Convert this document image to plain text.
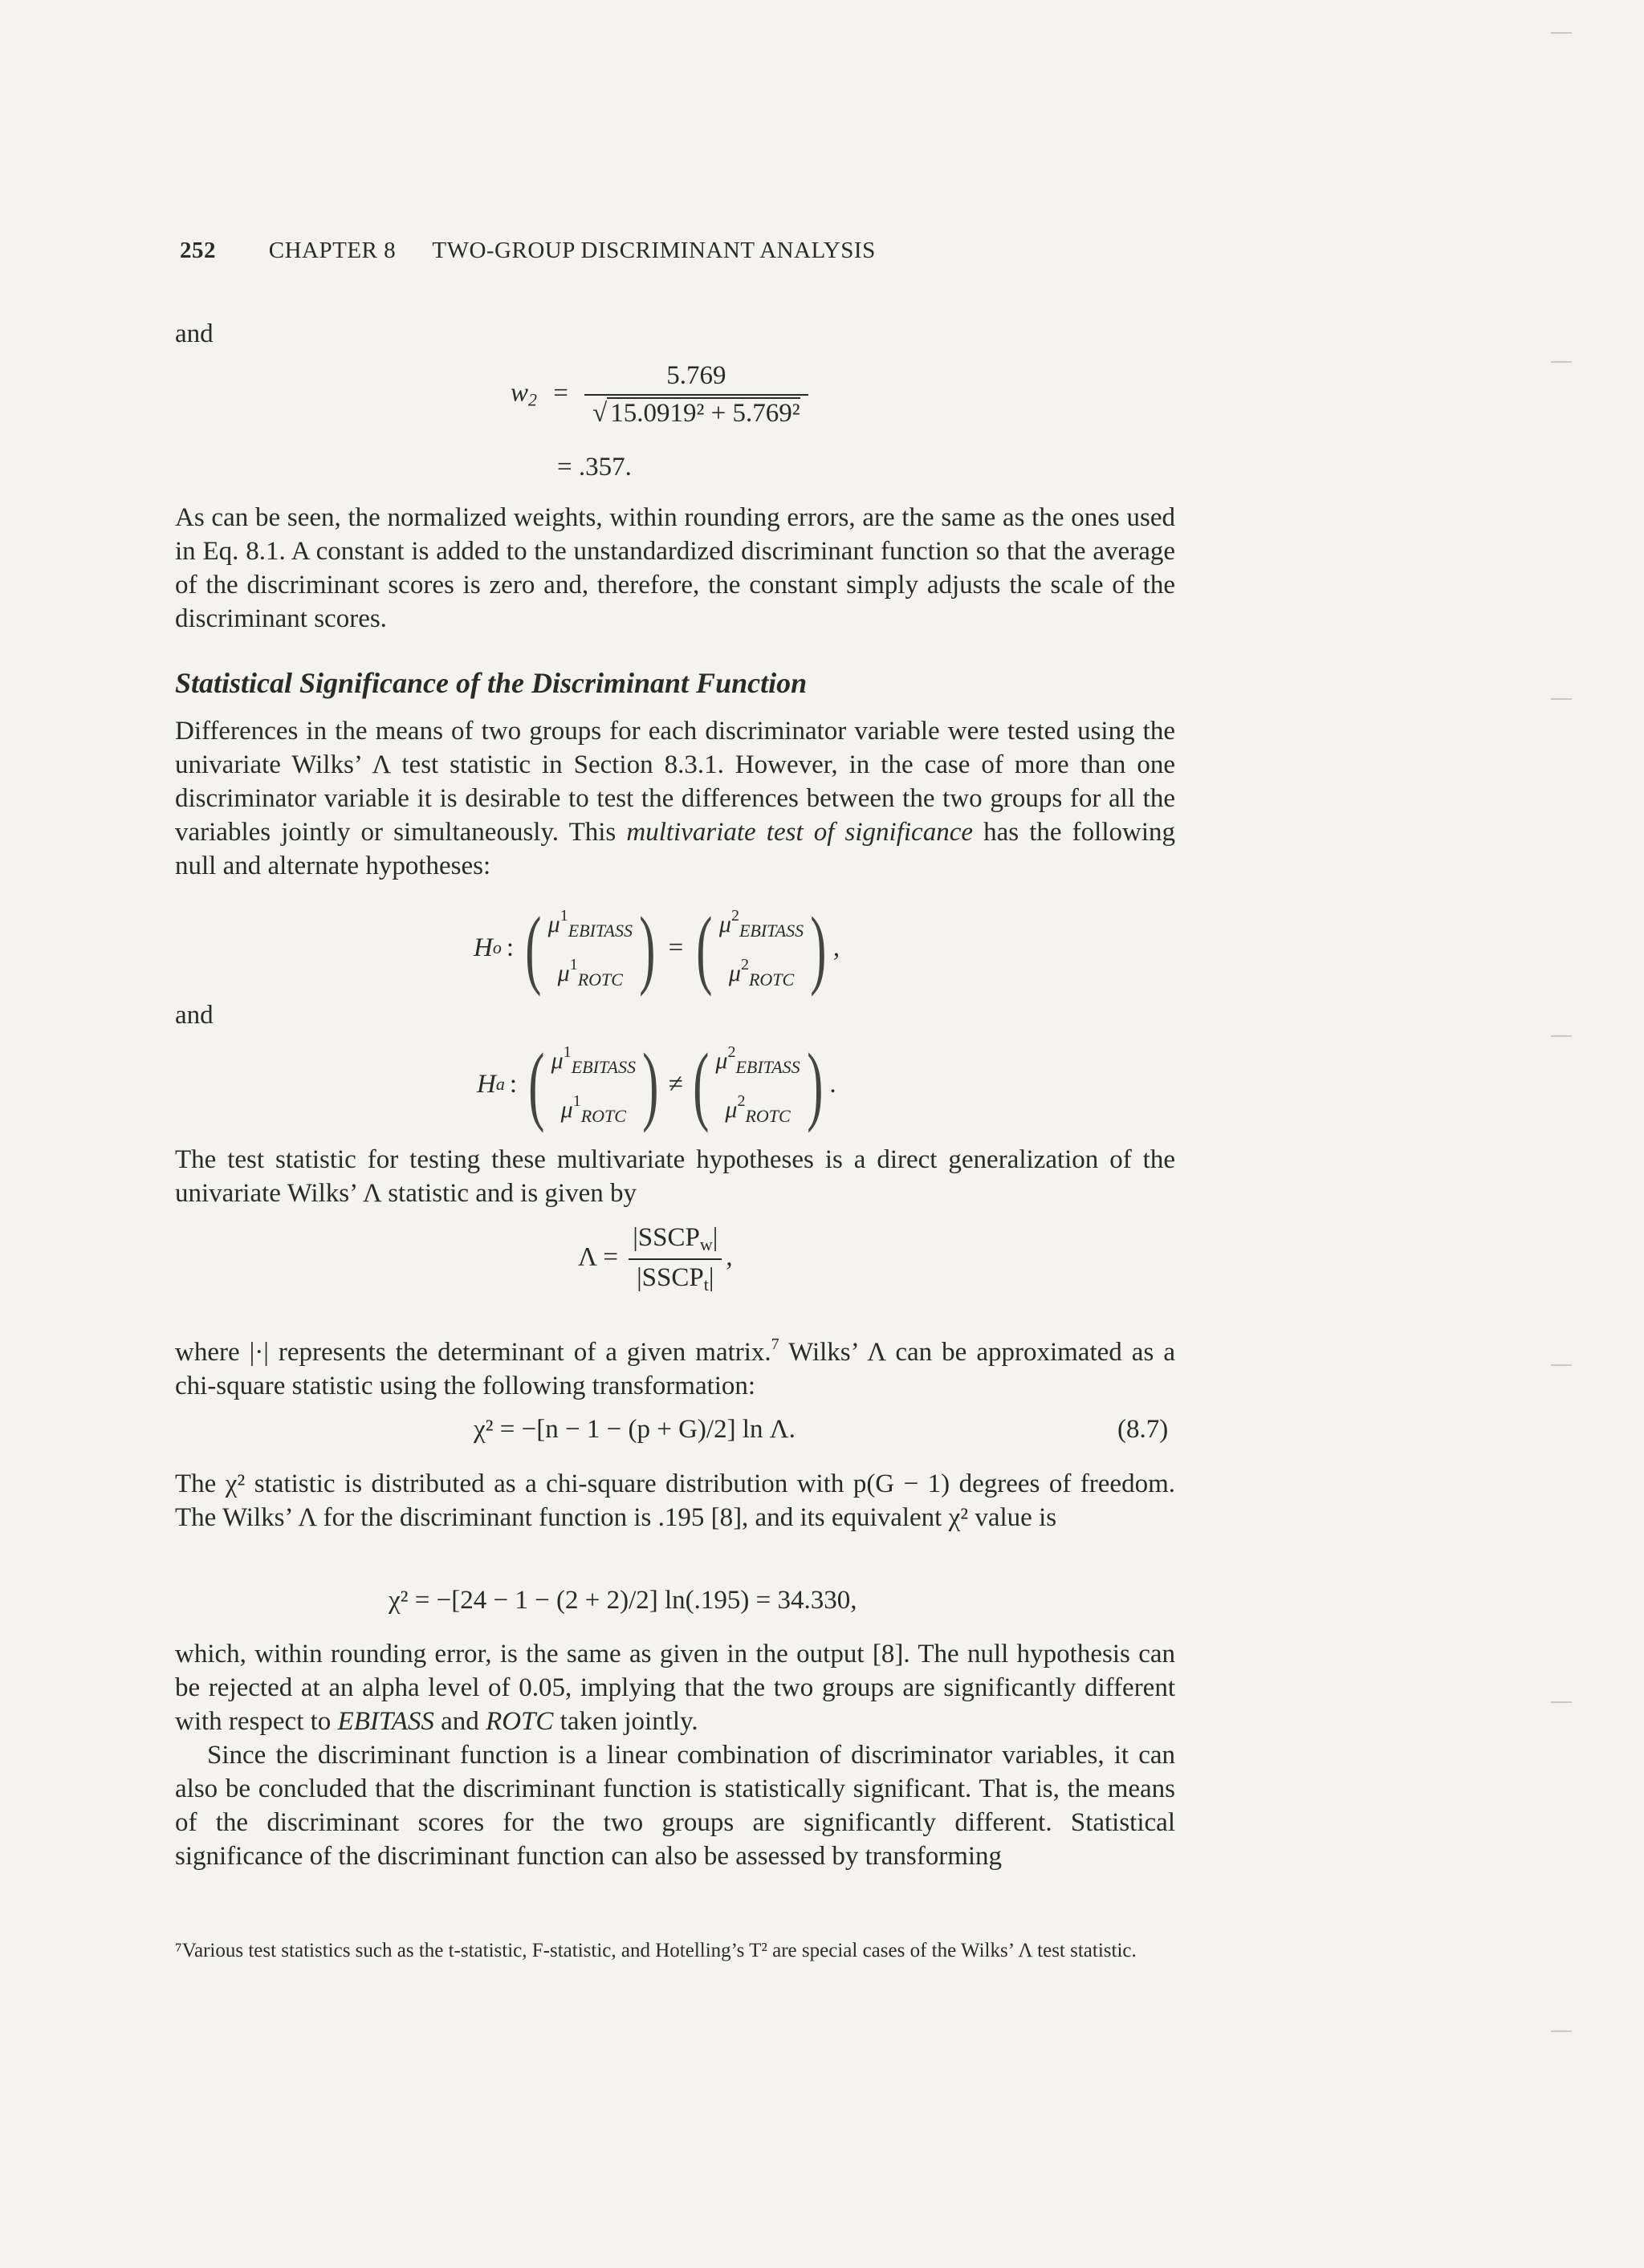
252 CHAPTER 8 TWO-GROUP DISCRIMINANT ANALYSIS
and
$w_2 = \frac{5.769}{\text{√ 15.0919² + 5.769²}}$
= .357.

As can be seen, the normalized weights, within rounding errors, are the same as the ones used in Eq. 8.1. A constant is added to the unstandardized discriminant function so that the average of the discriminant scores is zero and, therefore, the constant simply adjusts the scale of the discriminant scores.

Statistical Significance of the Discriminant Function

Differences in the means of two groups for each discriminator variable were tested using the univariate Wilks’ Λ test statistic in Section 8.3.1. However, in the case of more than one discriminator variable it is desirable to test the differences between the two groups for all the variables jointly or simultaneously. This multivariate test of significance has the following null and alternate hypotheses:

H o : ( $\mu^1_{EBITASS}$
$\mu^1_{ROTC}$ ) = ( $\mu^2_{EBITASS}$
$\mu^2_{ROTC}$ ) ,
and
H a : ( $\mu^1_{EBITASS}$
$\mu^1_{ROTC}$ ) ≠ ( $\mu^2_{EBITASS}$
$\mu^2_{ROTC}$ ) .

The test statistic for testing these multivariate hypotheses is a direct generalization of the univariate Wilks’ Λ statistic and is given by

$\Lambda = \frac{|SSCP_w|}{|SSCP_t|}$ ,

where |·| represents the determinant of a given matrix.$^7$ Wilks’ Λ can be approximated as a chi-square statistic using the following transformation:

χ² = −[n − 1 − (p + G)/2] ln Λ.	(8.7)

The χ² statistic is distributed as a chi-square distribution with p(G − 1) degrees of freedom. The Wilks’ Λ for the discriminant function is .195 [8], and its equivalent χ² value is

χ² = −[24 − 1 − (2 + 2)/2] ln(.195) = 34.330,

which, within rounding error, is the same as given in the output [8]. The null hypothesis can be rejected at an alpha level of 0.05, implying that the two groups are significantly different with respect to EBITASS and ROTC taken jointly.

Since the discriminant function is a linear combination of discriminator variables, it can also be concluded that the discriminant function is statistically significant. That is, the means of the discriminant scores for the two groups are significantly different. Statistical significance of the discriminant function can also be assessed by transforming

⁷Various test statistics such as the t-statistic, F-statistic, and Hotelling’s T² are special cases of the Wilks’ Λ test statistic.
